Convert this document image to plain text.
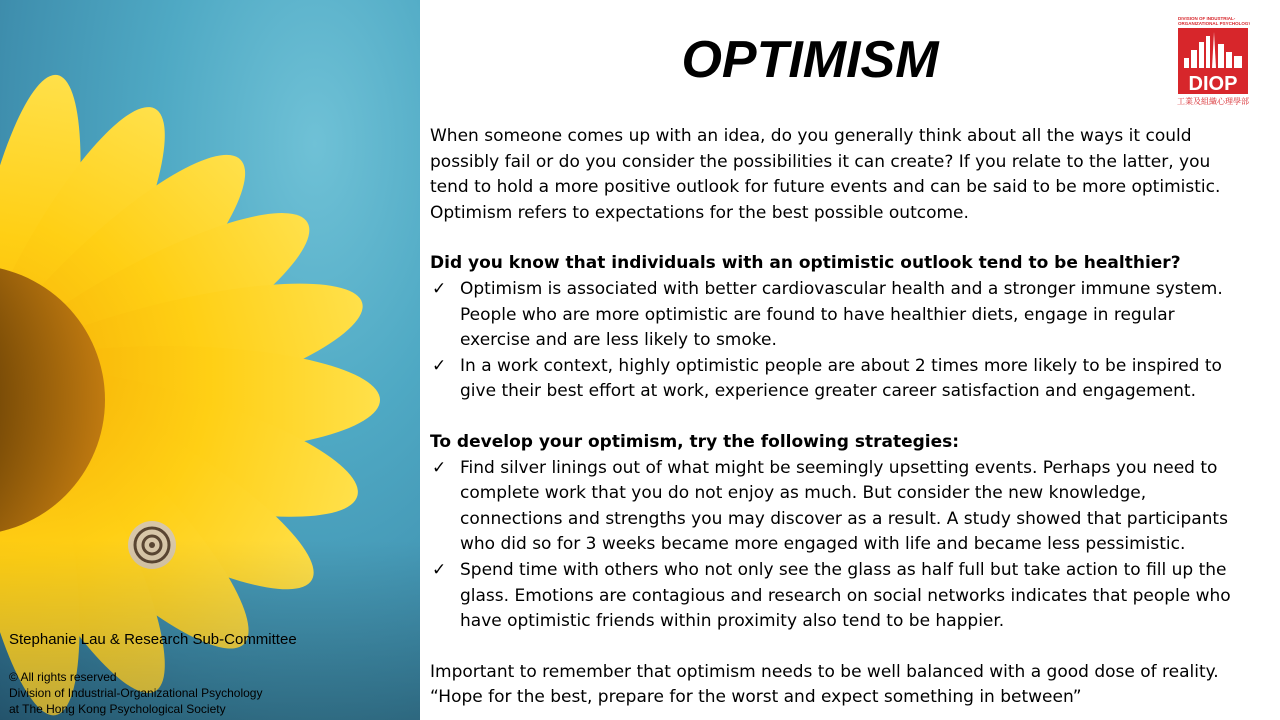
Stephanie Lau & Research Sub-Committee
© All rights reserved
Division of Industrial-Organizational Psychology
at The Hong Kong Psychological Society
OPTIMISM
DIVISION OF INDUSTRIAL-
ORGANIZATIONAL PSYCHOLOGY
DIOP
工業及組織心理學部

When someone comes up with an idea, do you generally think about all the ways it could possibly fail or do you consider the possibilities it can create? If you relate to the latter, you tend to hold a more positive outlook for future events and can be said to be more optimistic. Optimism refers to expectations for the best possible outcome.

Did you know that individuals with an optimistic outlook tend to be healthier?

✓ Optimism is associated with better cardiovascular health and a stronger immune system. People who are more optimistic are found to have healthier diets, engage in regular exercise and are less likely to smoke.
✓ In a work context, highly optimistic people are about 2 times more likely to be inspired to give their best effort at work, experience greater career satisfaction and engagement.

To develop your optimism, try the following strategies:

✓ Find silver linings out of what might be seemingly upsetting events. Perhaps you need to complete work that you do not enjoy as much. But consider the new knowledge, connections and strengths you may discover as a result. A study showed that participants who did so for 3 weeks became more engaged with life and became less pessimistic.
✓ Spend time with others who not only see the glass as half full but take action to fill up the glass. Emotions are contagious and research on social networks indicates that people who have optimistic friends within proximity also tend to be happier.

Important to remember that optimism needs to be well balanced with a good dose of reality.

“Hope for the best, prepare for the worst and expect something in between”
